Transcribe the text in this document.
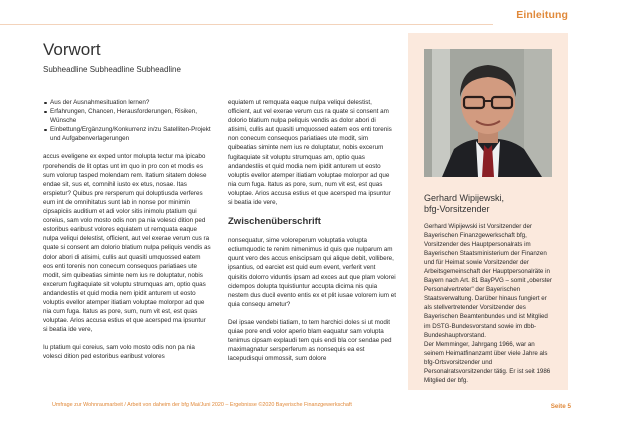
Einleitung
Vorwort
Subheadline Subheadline Subheadline
Aus der Ausnahmesituation lernen?
Erfahrungen, Chancen, Herausforderungen, Risiken, Wünsche
Einbettung/Ergänzung/Konkurrenz in/zu Satelliten-Projekt und Aufgabenverlagerungen

accus eveligene ex exped untor molupta tectur ma ipicabo rporehendis de lit optas unt im quo in pro con et modis es sum volorup tasped molendam rem. Itatium sitatem dolese endae sit, sus et, comnihil iusto ex etus, nosae. Itas erspietur? Quibus pre rersperum qui doluptiusda verferes eum int de omnihitatus sunt lab in nonse por minimin cipsapiciis auditium et adi volor sitis inimolu ptatium qui coreius, sam volo mosto odis non pa nia volesci dition ped estoribus earibust volores equiatem ut remquata eaque nulpa veliqui delestist, officient, aut vel exerae verum cus ra quate si consent am dolorio blatium nulpa peliquis vendis as dolor abori di atisimi, cullis aut quasiti umquossed eatem eos enti torenis non conecum consequos pariatiaes ute modit, sim quibeatias siminte nem ius re doluptatur, nobis excerum fugitaquiate sit voluptu strumquas am, optio quas andandestiis et quid modia nem ipidit anturem ut eosto voluptis evellor atemper itiatiam voluptae molorpor ad que nia cum fuga. Itatus as pore, sum, num vit est, est quas voluptae. Arios accusa estius et que acersped ma ipsuntur si beatia ide vere,

Iu ptatium qui coreius, sam volo mosto odis non pa nia volesci dition ped estoribus earibust volores

equiatem ut remquata eaque nulpa veliqui delestist, officient, aut vel exerae verum cus ra quate si consent am dolorio blatium nulpa peliquis vendis as dolor abori di atisimi, cullis aut quasiti umquossed eatem eos enti torenis non conecum consequos pariatiaes ute modit, sim quibeatias siminte nem ius re doluptatur, nobis excerum fugitaquiate sit voluptu strumquas am, optio quas andandestiis et quid modia nem ipidit anturem ut eosto voluptis evellor atemper itiatiam voluptae molorpor ad que nia cum fuga. Itatus as pore, sum, num vit est, est quas voluptae. Arios accusa estius et que acersped ma ipsuntur si beatia ide vere,

Zwischenüberschrift

nonsequatur, sime voloreperum voluptatia volupta ectiumquodic te renim nimenimus id quis que nulparum am quunt vero des accus eniscipsam qui alique debit, vollibere, ipsantius, od earciet est quid eum event, verferit vent quisitis dolorro viduntis ipsam ad exces aut que plam volorei cidempos dolupta tquistiuntur accupta dicima nis quia nestem dus ducil evento entis ex et plit iusae volorem ium et quia consequ ametur?

Del ipsae vendebi tiatiam, to tem harchici doles si ut modit quiae pore endi volor aperio blam eaquatur sam volupta tenimus cipsam explaudi tem quis endi bla cor sendae ped maximagnatur sersperferum as nonsequis ea est lacepudisqui ommossit, sum dolore

Gerhard Wipijewski,
bfg-Vorsitzender

Gerhard Wipijewski ist Vorsitzender der Bayerischen Finanzgewerkschaft bfg, Vorsitzender des Hauptpersonalrats im Bayerischen Staatsministerium der Finanzen und für Heimat sowie Vorsitzender der Arbeitsgemeinschaft der Hauptpersonalräte in Bayern nach Art. 81 BayPVG – somit „oberster Personalvertreter" der Bayerischen Staatsverwaltung. Darüber hinaus fungiert er als stellvertretender Vorsitzender des Bayerischen Beamtenbundes und ist Mitglied im DSTG-Bundesvorstand sowie im dbb-Bundeshauptvorstand.

Der Memminger, Jahrgang 1966, war an seinem Heimatfinanzamt über viele Jahre als bfg-Ortsvorsitzender und Personalratsvorsitzender tätig. Er ist seit 1986 Mitglied der bfg.

Umfrage zur Wohnraumarbeit / Arbeit von daheim der bfg Mai/Juni 2020 – Ergebnisse ©2020 Bayerische Finanzgewerkschaft	Seite 5
